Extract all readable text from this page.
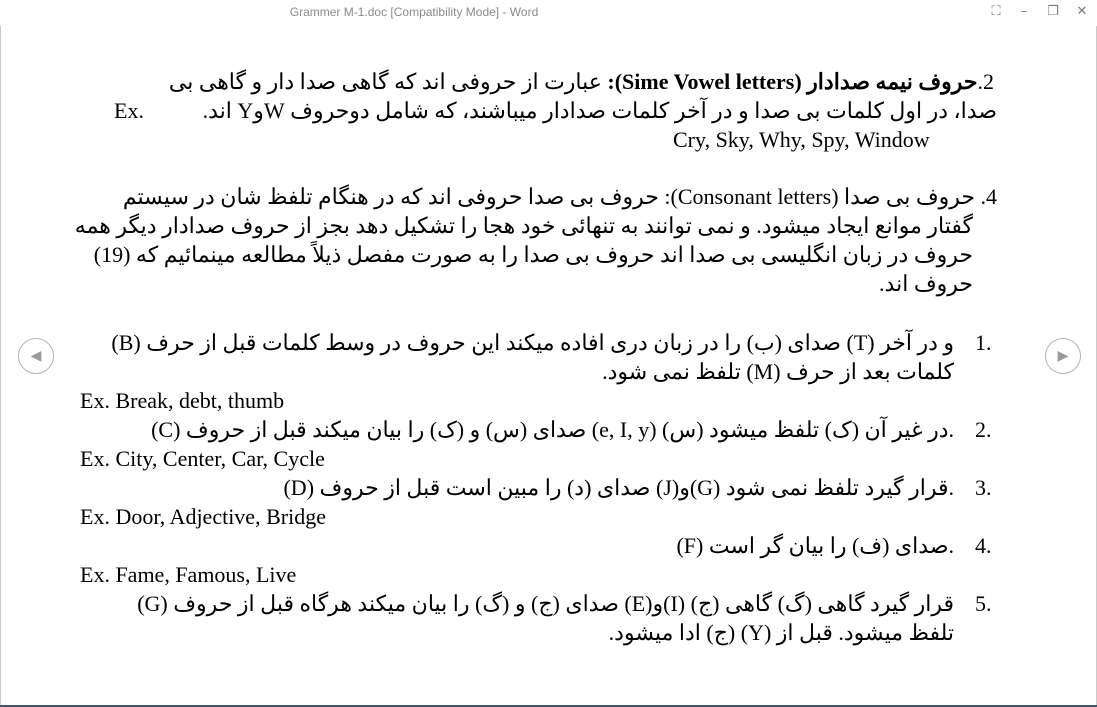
Grammer M-1.doc [Compatibility Mode] - Word	⛶	–	❐ ✕
◀	▶
2.حروف نیمه صدادار (Sime Vowel letters): عبارت از حروفی اند که گاهی صدا دار و گاهی بی
صدا، در اول کلمات بی صدا و در آخر کلمات صدادار میباشند، که شامل دوحروف WوY اند.
Ex.
Cry, Sky, Why, Spy, Window
4. حروف بی صدا (Consonant letters): حروف بی صدا حروفی اند که در هنگام تلفظ شان در سیستم
گفتار موانع ایجاد میشود. و نمی توانند به تنهائی خود هجا را تشکیل دهد بجز از حروف صدادار دیگر همه
حروف در زبان انگلیسی بی صدا اند حروف بی صدا را به صورت مفصل ذیلاً مطالعه مینمائیم که (19)
حروف اند.
1.
(B) صدای (ب) را در زبان دری افاده میکند این حروف در وسط کلمات قبل از حرف (T) و در آخر
کلمات بعد از حرف (M) تلفظ نمی شود.
Ex. Break, debt, thumb
2.
(C) صدای (س) و (ک) را بیان میکند قبل از حروف (e, I, y) (س) در غیر آن (ک) تلفظ میشود.
Ex. City, Center, Car, Cycle
3.
(D) صدای (د) را مبین است قبل از حروف (J)و(G) قرار گیرد تلفظ نمی شود.
Ex. Door, Adjective, Bridge
4.
(F) صدای (ف) را بیان گر است.
Ex. Fame, Famous, Live
5.
(G) صدای (ج) و (گ) را بیان میکند هرگاه قبل از حروف (E)و(I) قرار گیرد گاهی (گ) گاهی (ج)
تلفظ میشود. قبل از (Y) (ج) ادا میشود.
